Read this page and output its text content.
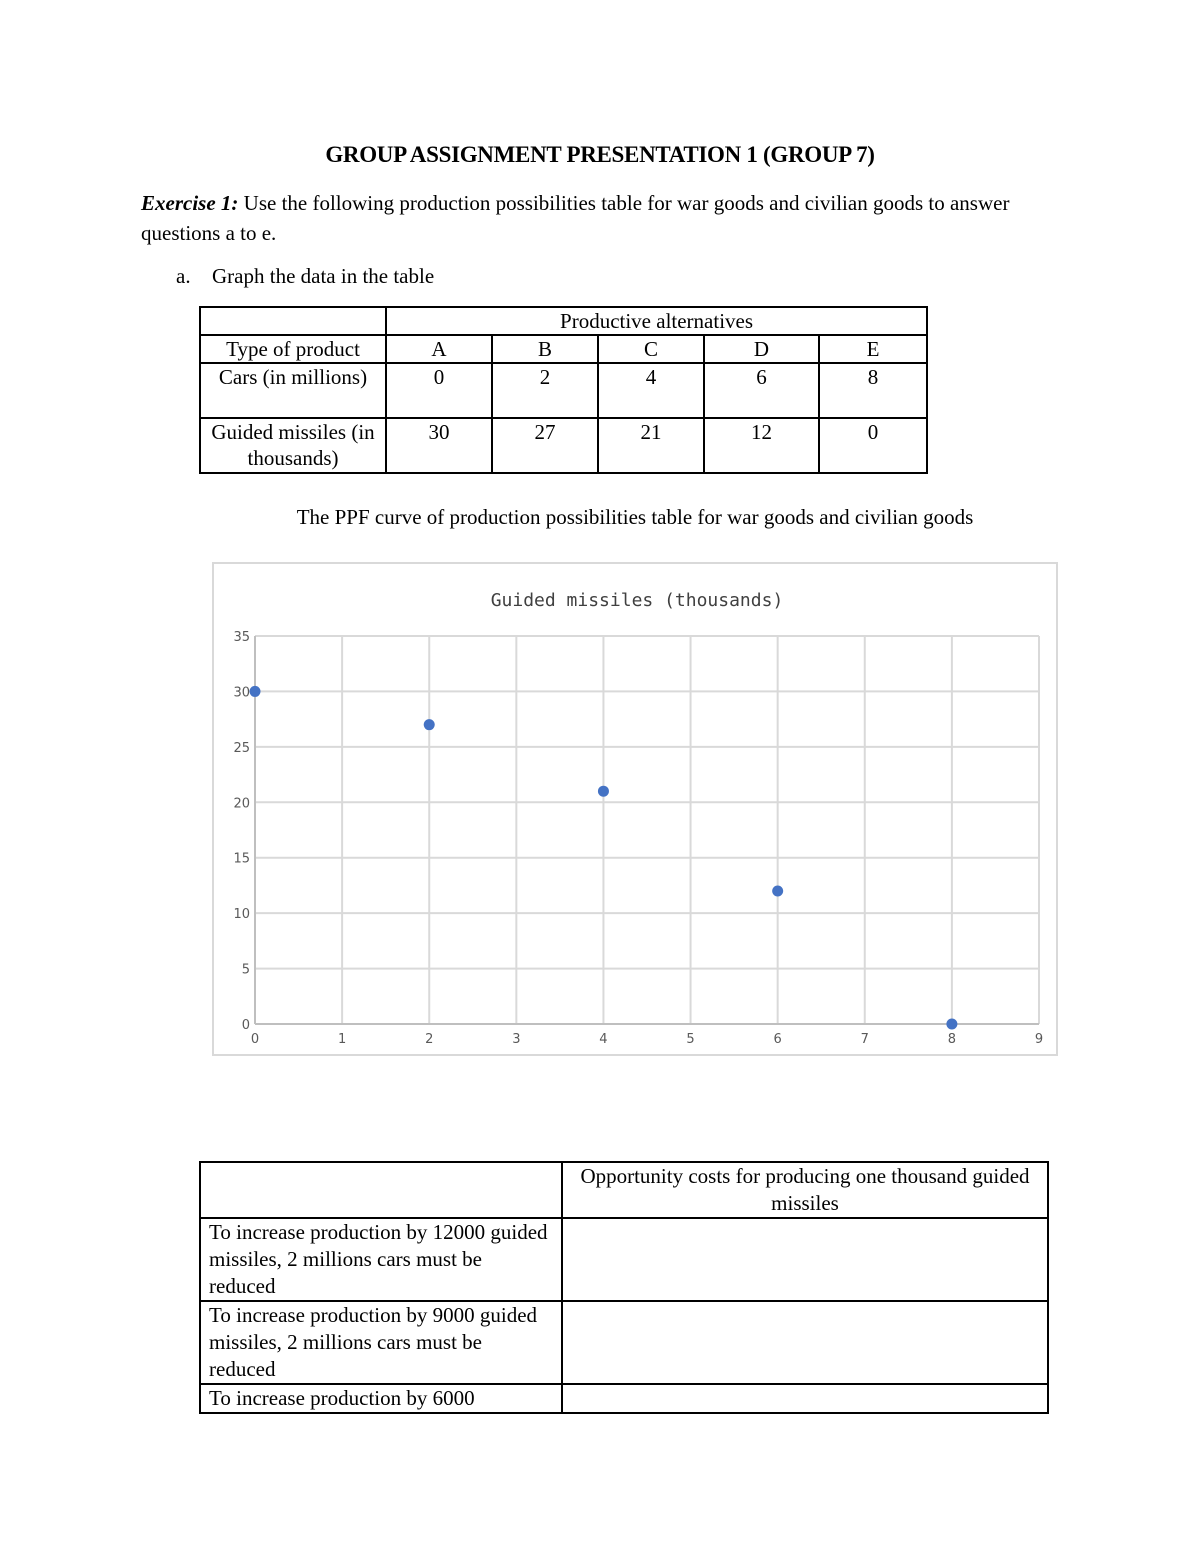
GROUP ASSIGNMENT PRESENTATION 1 (GROUP 7)
Exercise 1: Use the following production possibilities table for war goods and civilian goods to answer questions a to e.
a. Graph the data in the table
	Productive alternatives				
Type of product	A	B	C	D	E
Cars (in millions)	0	2	4	6	8
Guided missiles (in thousands)	30	27	21	12	0
The PPF curve of production possibilities table for war goods and civilian goods
Guided missiles (thousands)
0
5
10
15
20
25
30
35
0	1	2	3	4	5	6	7	8	9
	Opportunity costs for producing one thousand guided missiles
To increase production by 12000 guided missiles, 2 millions cars must be reduced	
To increase production by 9000 guided missiles, 2 millions cars must be reduced	
To increase production by 6000	
